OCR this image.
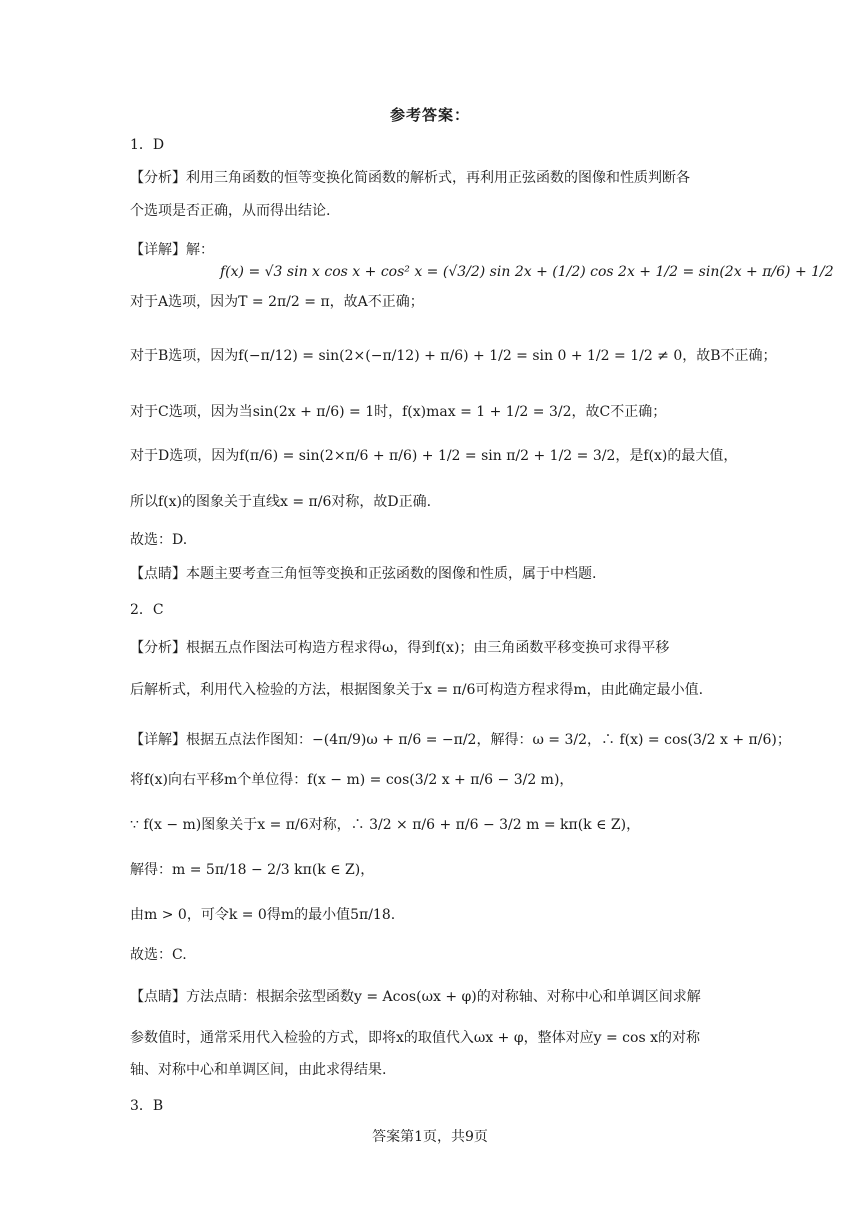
参考答案：
1．D
【分析】利用三角函数的恒等变换化简函数的解析式，再利用正弦函数的图像和性质判断各
个选项是否正确，从而得出结论.
【详解】解：
f(x) = √3 sin x cos x + cos² x = (√3/2) sin 2x + (1/2) cos 2x + 1/2 = sin(2x + π/6) + 1/2
对于A选项，因为T = 2π/2 = π，故A不正确；
对于B选项，因为f(−π/12) = sin(2×(−π/12) + π/6) + 1/2 = sin 0 + 1/2 = 1/2 ≠ 0，故B不正确；
对于C选项，因为当sin(2x + π/6) = 1时，f(x)max = 1 + 1/2 = 3/2，故C不正确；
对于D选项，因为f(π/6) = sin(2×π/6 + π/6) + 1/2 = sin π/2 + 1/2 = 3/2，是f(x)的最大值，
所以f(x)的图象关于直线x = π/6对称，故D正确.
故选：D.
【点睛】本题主要考查三角恒等变换和正弦函数的图像和性质，属于中档题.
2．C
【分析】根据五点作图法可构造方程求得ω，得到f(x)；由三角函数平移变换可求得平移
后解析式，利用代入检验的方法，根据图象关于x = π/6可构造方程求得m，由此确定最小值.
【详解】根据五点法作图知：−(4π/9)ω + π/6 = −π/2，解得：ω = 3/2，∴ f(x) = cos(3/2 x + π/6)；
将f(x)向右平移m个单位得：f(x − m) = cos(3/2 x + π/6 − 3/2 m)，
∵ f(x − m)图象关于x = π/6对称，∴ 3/2 × π/6 + π/6 − 3/2 m = kπ(k ∈ Z)，
解得：m = 5π/18 − 2/3 kπ(k ∈ Z)，
由m > 0，可令k = 0得m的最小值5π/18.
故选：C.
【点睛】方法点睛：根据余弦型函数y = Acos(ωx + φ)的对称轴、对称中心和单调区间求解
参数值时，通常采用代入检验的方式，即将x的取值代入ωx + φ，整体对应y = cos x的对称
轴、对称中心和单调区间，由此求得结果.
3．B
答案第1页，共9页
